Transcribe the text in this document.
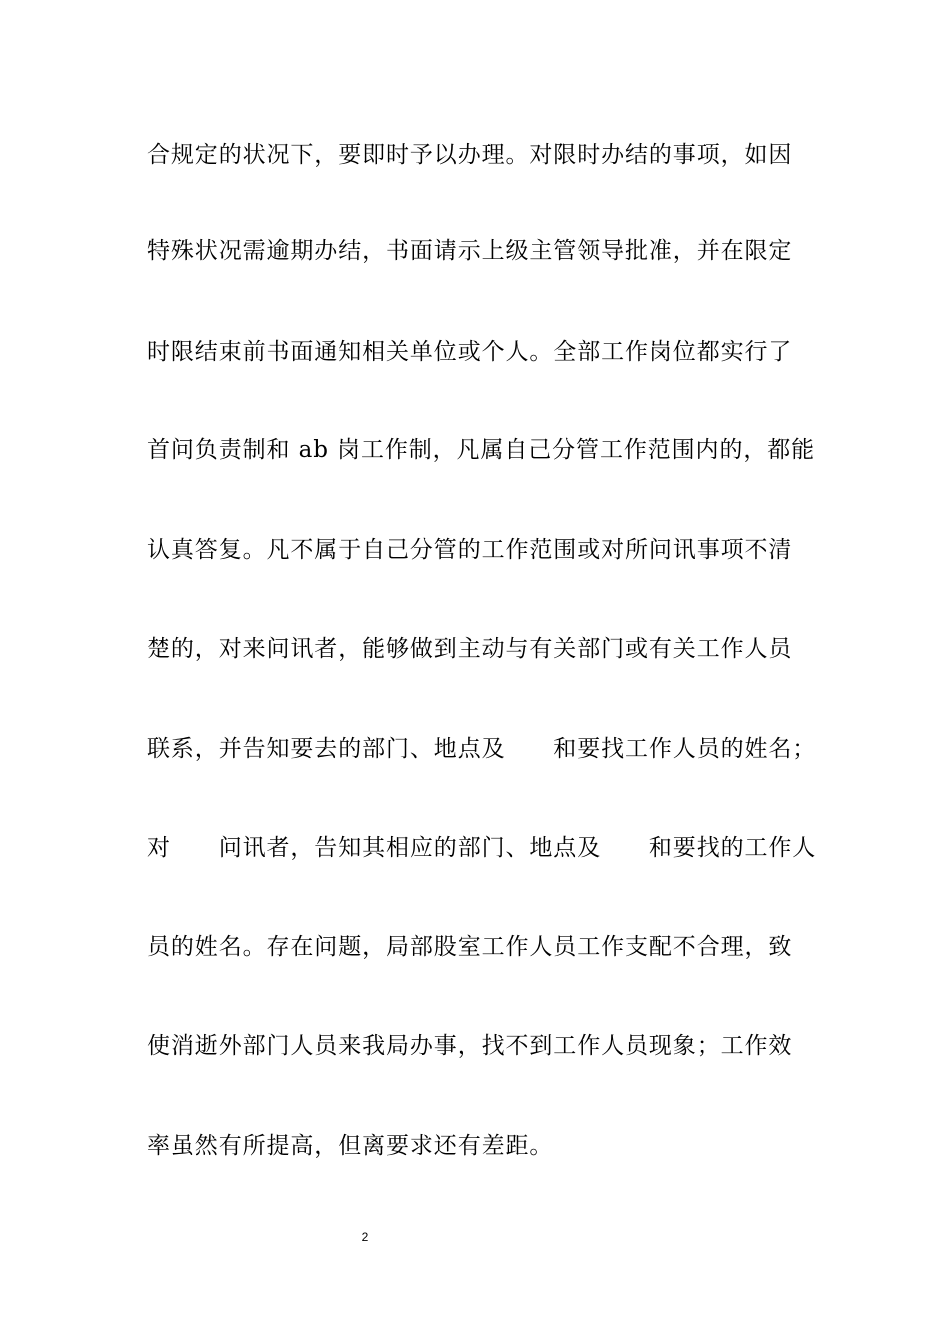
合规定的状况下，要即时予以办理。对限时办结的事项，如因
特殊状况需逾期办结，书面请示上级主管领导批准，并在限定
时限结束前书面通知相关单位或个人。全部工作岗位都实行了
首问负责制和 ab 岗工作制，凡属自己分管工作范围内的，都能
认真答复。凡不属于自己分管的工作范围或对所问讯事项不清
楚的，对来问讯者，能够做到主动与有关部门或有关工作人员
联系，并告知要去的部门、地点及　　和要找工作人员的姓名；
对　　问讯者，告知其相应的部门、地点及　　和要找的工作人
员的姓名。存在问题，局部股室工作人员工作支配不合理，致
使消逝外部门人员来我局办事，找不到工作人员现象；工作效
率虽然有所提高，但离要求还有差距。
2
